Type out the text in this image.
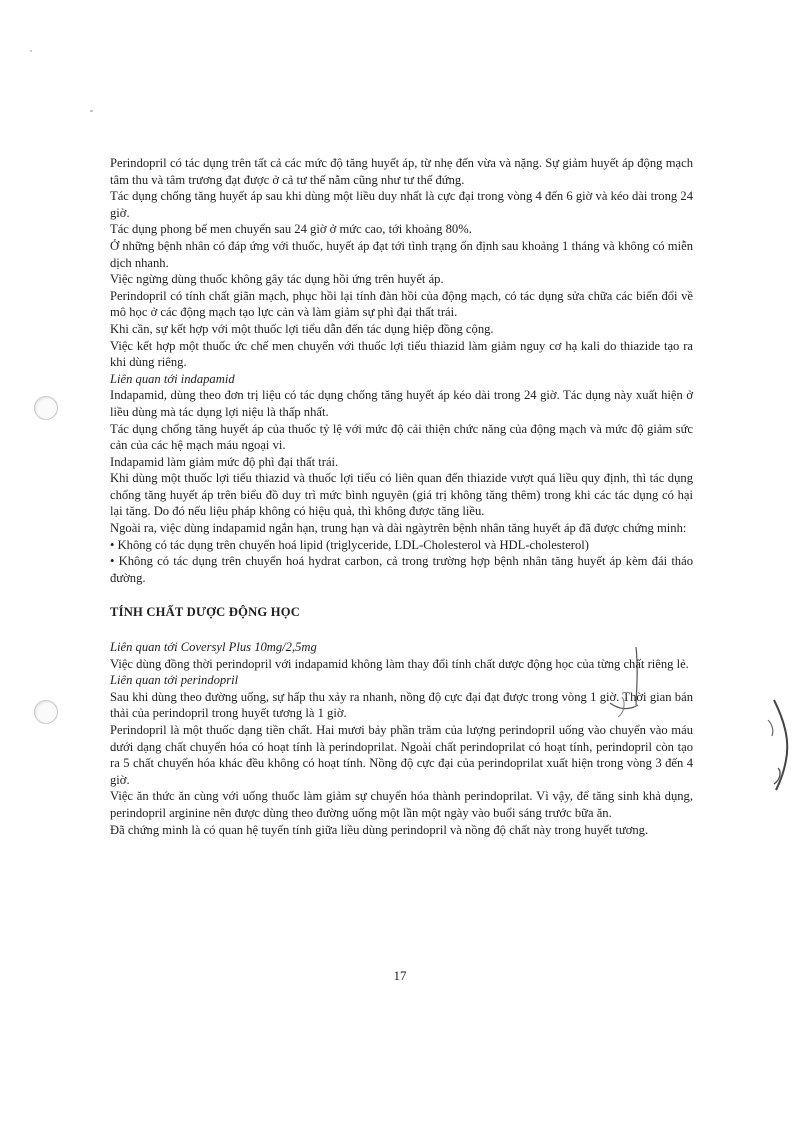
Perindopril có tác dụng trên tất cả các mức độ tăng huyết áp, từ nhẹ đến vừa và nặng. Sự giảm huyết áp động mạch tâm thu và tâm trương đạt được ở cả tư thế nằm cũng như tư thế đứng.

Tác dụng chống tăng huyết áp sau khi dùng một liều duy nhất là cực đại trong vòng 4 đến 6 giờ và kéo dài trong 24 giờ.

Tác dụng phong bế men chuyển sau 24 giờ ở mức cao, tới khoảng 80%.

Ở những bệnh nhân có đáp ứng với thuốc, huyết áp đạt tới tình trạng ổn định sau khoảng 1 tháng và không có miễn dịch nhanh.

Việc ngừng dùng thuốc không gây tác dụng hồi ứng trên huyết áp.

Perindopril có tính chất giãn mạch, phục hồi lại tính đàn hồi của động mạch, có tác dụng sửa chữa các biến đổi về mô học ở các động mạch tạo lực cản và làm giảm sự phì đại thất trái.

Khi cần, sự kết hợp với một thuốc lợi tiểu dẫn đến tác dụng hiệp đồng cộng.

Việc kết hợp một thuốc ức chế men chuyển với thuốc lợi tiểu thiazid làm giảm nguy cơ hạ kali do thiazide tạo ra khi dùng riêng.

Liên quan tới indapamid

Indapamid, dùng theo đơn trị liệu có tác dụng chống tăng huyết áp kéo dài trong 24 giờ. Tác dụng này xuất hiện ở liều dùng mà tác dụng lợi niệu là thấp nhất.

Tác dụng chống tăng huyết áp của thuốc tỷ lệ với mức độ cải thiện chức năng của động mạch và mức độ giảm sức cản của các hệ mạch máu ngoại vi.

Indapamid làm giảm mức độ phì đại thất trái.

Khi dùng một thuốc lợi tiểu thiazid và thuốc lợi tiểu có liên quan đến thiazide vượt quá liều quy định, thì tác dụng chống tăng huyết áp trên biểu đồ duy trì mức bình nguyên (giá trị không tăng thêm) trong khi các tác dụng có hại lại tăng. Do đó nếu liệu pháp không có hiệu quả, thì không được tăng liều.

Ngoài ra, việc dùng indapamid ngắn hạn, trung hạn và dài ngàytrên bệnh nhân tăng huyết áp đã được chứng minh:

• Không có tác dụng trên chuyển hoá lipid (triglyceride, LDL-Cholesterol và HDL-cholesterol)

• Không có tác dụng trên chuyển hoá hydrat carbon, cả trong trường hợp bệnh nhân tăng huyết áp kèm đái tháo đường.

TÍNH CHẤT DƯỢC ĐỘNG HỌC

Liên quan tới Coversyl Plus 10mg/2,5mg

Việc dùng đồng thời perindopril với indapamid không làm thay đổi tính chất dược động học của từng chất riêng lẻ.

Liên quan tới perindopril

Sau khi dùng theo đường uống, sự hấp thu xảy ra nhanh, nồng độ cực đại đạt được trong vòng 1 giờ. Thời gian bán thải của perindopril trong huyết tương là 1 giờ.

Perindopril là một thuốc dạng tiền chất. Hai mươi bảy phần trăm của lượng perindopril uống vào chuyển vào máu dưới dạng chất chuyển hóa có hoạt tính là perindoprilat. Ngoài chất perindoprilat có hoạt tính, perindopril còn tạo ra 5 chất chuyển hóa khác đều không có hoạt tính. Nồng độ cực đại của perindoprilat xuất hiện trong vòng 3 đến 4 giờ.

Việc ăn thức ăn cùng với uống thuốc làm giảm sự chuyển hóa thành perindoprilat. Vì vậy, để tăng sinh khả dụng, perindopril arginine nên được dùng theo đường uống một lần một ngày vào buổi sáng trước bữa ăn.

Đã chứng minh là có quan hệ tuyến tính giữa liều dùng perindopril và nồng độ chất này trong huyết tương.

17
